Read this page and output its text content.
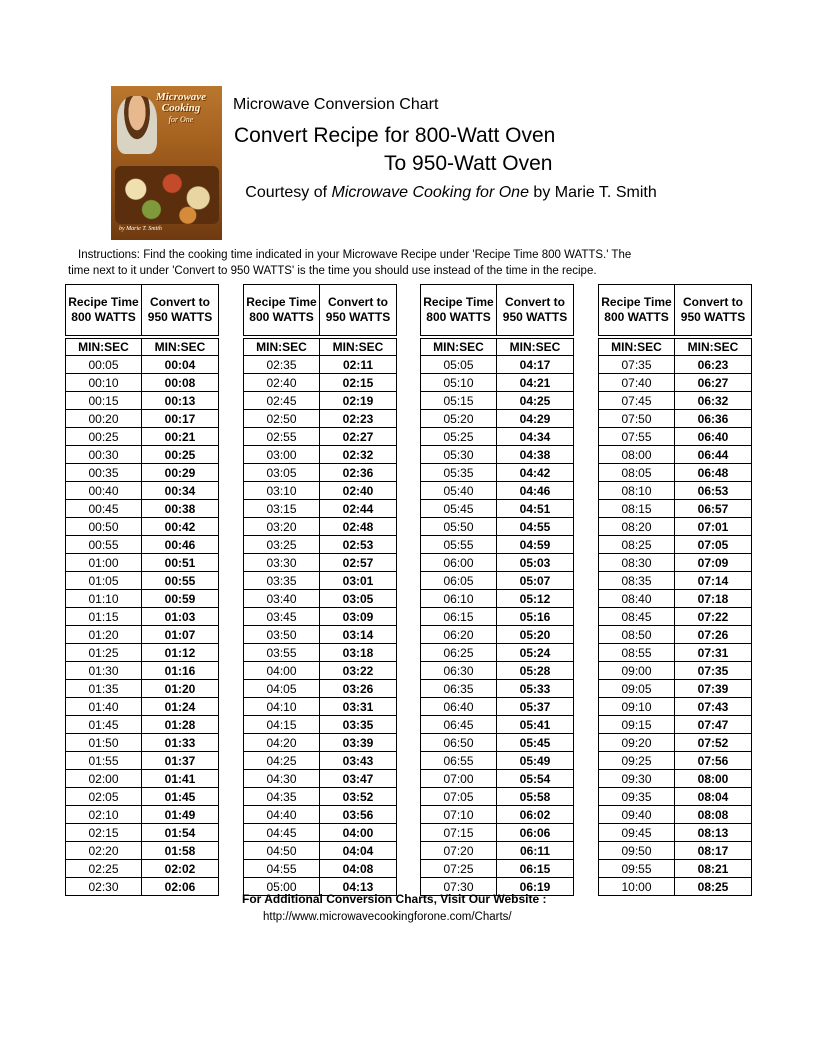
Microwave Cooking
for One
by Marie T. Smith
Microwave Conversion Chart
Convert Recipe for 800-Watt Oven
To 950-Watt Oven
Courtesy of Microwave Cooking for One by Marie T. Smith
Instructions: Find the cooking time indicated in your Microwave Recipe under 'Recipe Time 800 WATTS.' The
time next to it under 'Convert to 950 WATTS' is the time you should use instead of the time in the recipe.
Recipe Time 800 WATTS	Convert to 950 WATTS

MIN:SEC	MIN:SEC
00:05	00:04
00:10	00:08
00:15	00:13
00:20	00:17
00:25	00:21
00:30	00:25
00:35	00:29
00:40	00:34
00:45	00:38
00:50	00:42
00:55	00:46
01:00	00:51
01:05	00:55
01:10	00:59
01:15	01:03
01:20	01:07
01:25	01:12
01:30	01:16
01:35	01:20
01:40	01:24
01:45	01:28
01:50	01:33
01:55	01:37
02:00	01:41
02:05	01:45
02:10	01:49
02:15	01:54
02:20	01:58
02:25	02:02
02:30	02:06
Recipe Time 800 WATTS	Convert to 950 WATTS

MIN:SEC	MIN:SEC
02:35	02:11
02:40	02:15
02:45	02:19
02:50	02:23
02:55	02:27
03:00	02:32
03:05	02:36
03:10	02:40
03:15	02:44
03:20	02:48
03:25	02:53
03:30	02:57
03:35	03:01
03:40	03:05
03:45	03:09
03:50	03:14
03:55	03:18
04:00	03:22
04:05	03:26
04:10	03:31
04:15	03:35
04:20	03:39
04:25	03:43
04:30	03:47
04:35	03:52
04:40	03:56
04:45	04:00
04:50	04:04
04:55	04:08
05:00	04:13
Recipe Time 800 WATTS	Convert to 950 WATTS

MIN:SEC	MIN:SEC
05:05	04:17
05:10	04:21
05:15	04:25
05:20	04:29
05:25	04:34
05:30	04:38
05:35	04:42
05:40	04:46
05:45	04:51
05:50	04:55
05:55	04:59
06:00	05:03
06:05	05:07
06:10	05:12
06:15	05:16
06:20	05:20
06:25	05:24
06:30	05:28
06:35	05:33
06:40	05:37
06:45	05:41
06:50	05:45
06:55	05:49
07:00	05:54
07:05	05:58
07:10	06:02
07:15	06:06
07:20	06:11
07:25	06:15
07:30	06:19
Recipe Time 800 WATTS	Convert to 950 WATTS

MIN:SEC	MIN:SEC
07:35	06:23
07:40	06:27
07:45	06:32
07:50	06:36
07:55	06:40
08:00	06:44
08:05	06:48
08:10	06:53
08:15	06:57
08:20	07:01
08:25	07:05
08:30	07:09
08:35	07:14
08:40	07:18
08:45	07:22
08:50	07:26
08:55	07:31
09:00	07:35
09:05	07:39
09:10	07:43
09:15	07:47
09:20	07:52
09:25	07:56
09:30	08:00
09:35	08:04
09:40	08:08
09:45	08:13
09:50	08:17
09:55	08:21
10:00	08:25
For Additional Conversion Charts, Visit Our Website :
http://www.microwavecookingforone.com/Charts/
